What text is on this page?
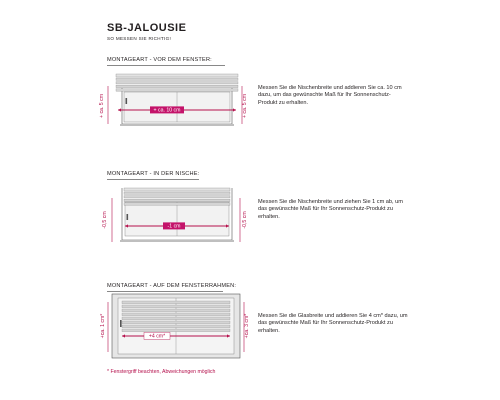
SB-JALOUSIE
SO MESSEN SIE RICHTIG!
MONTAGEART - VOR DEM FENSTER:
+ ca. 10 cm
+ ca. 5 cm	+ ca. 5 cm
Messen Sie die Nischenbreite und addieren Sie ca. 10 cm dazu, um das gewünschte Maß für Ihr Sonnenschutz-Produkt zu erhalten.
MONTAGEART - IN DER NISCHE:
-1 cm
-0,5 cm	-0,5 cm
Messen Sie die Nischenbreite und ziehen Sie 1 cm ab, um das gewünschte Maß für Ihr Sonnenschutz-Produkt zu erhalten.
MONTAGEART - AUF DEM FENSTERRAHMEN:
+4 cm*
+ca. 1 cm*	+ca. 3 cm* Messen Sie die Glasbreite und addieren Sie 4 cm* dazu, um das gewünschte Maß für Ihr Sonnenschutz-Produkt zu erhalten.
* Fenstergriff beachten, Abweichungen möglich
